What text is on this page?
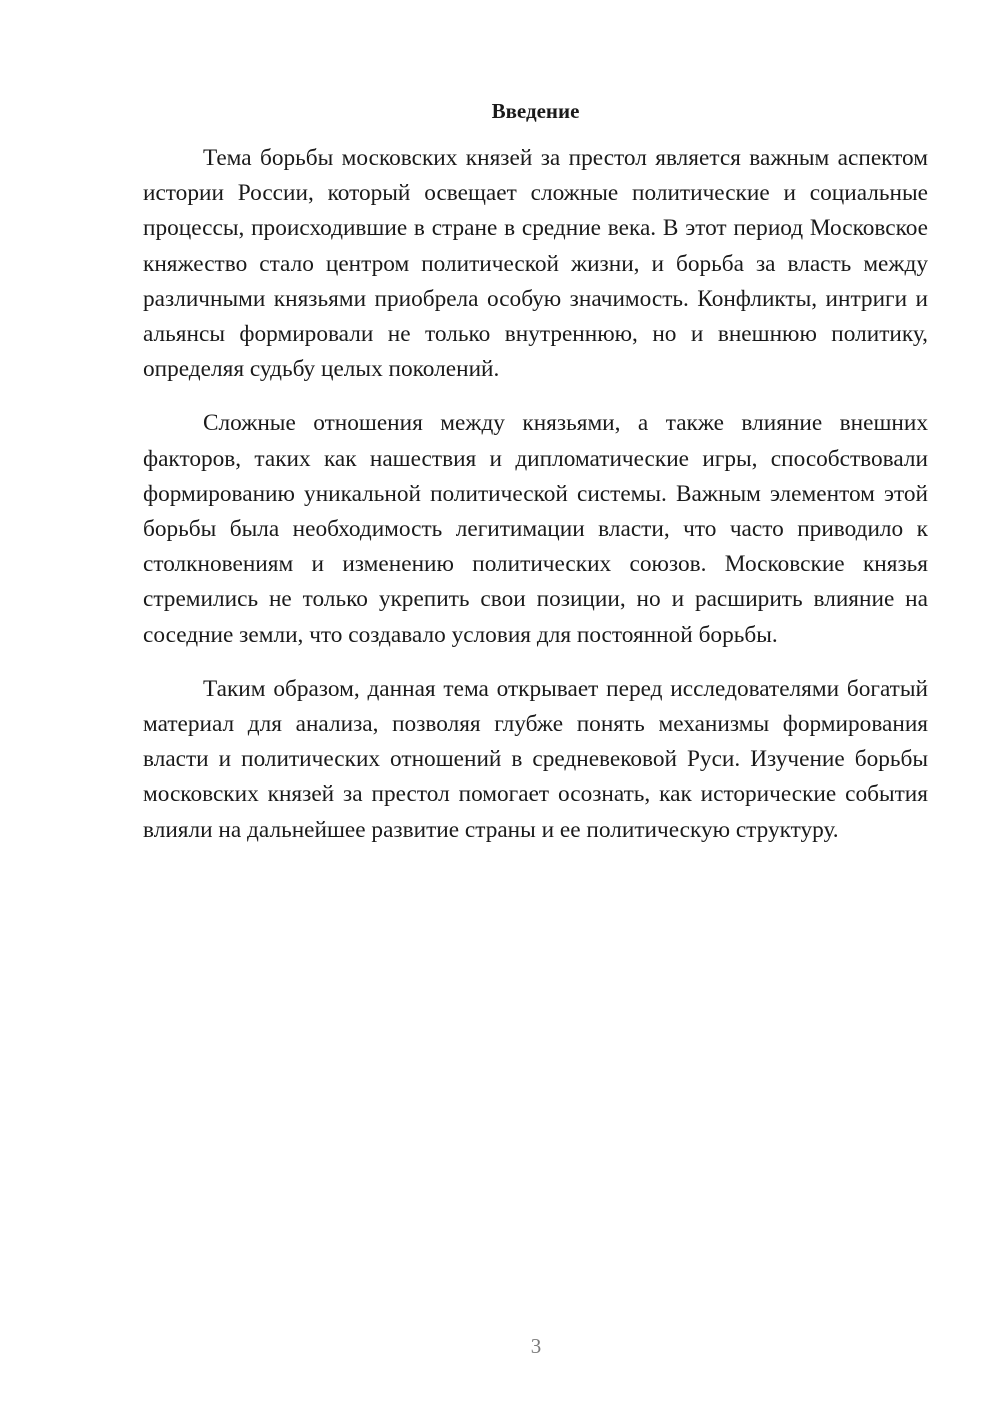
Введение

Тема борьбы московских князей за престол является важным аспектом истории России, который освещает сложные политические и социальные процессы, происходившие в стране в средние века. В этот период Московское княжество стало центром политической жизни, и борьба за власть между различными князьями приобрела особую значимость. Конфликты, интриги и альянсы формировали не только внутреннюю, но и внешнюю политику, определяя судьбу целых поколений.

Сложные отношения между князьями, а также влияние внешних факторов, таких как нашествия и дипломатические игры, способствовали формированию уникальной политической системы. Важным элементом этой борьбы была необходимость легитимации власти, что часто приводило к столкновениям и изменению политических союзов. Московские князья стремились не только укрепить свои позиции, но и расширить влияние на соседние земли, что создавало условия для постоянной борьбы.

Таким образом, данная тема открывает перед исследователями богатый материал для анализа, позволяя глубже понять механизмы формирования власти и политических отношений в средневековой Руси. Изучение борьбы московских князей за престол помогает осознать, как исторические события влияли на дальнейшее развитие страны и ее политическую структуру.

3
